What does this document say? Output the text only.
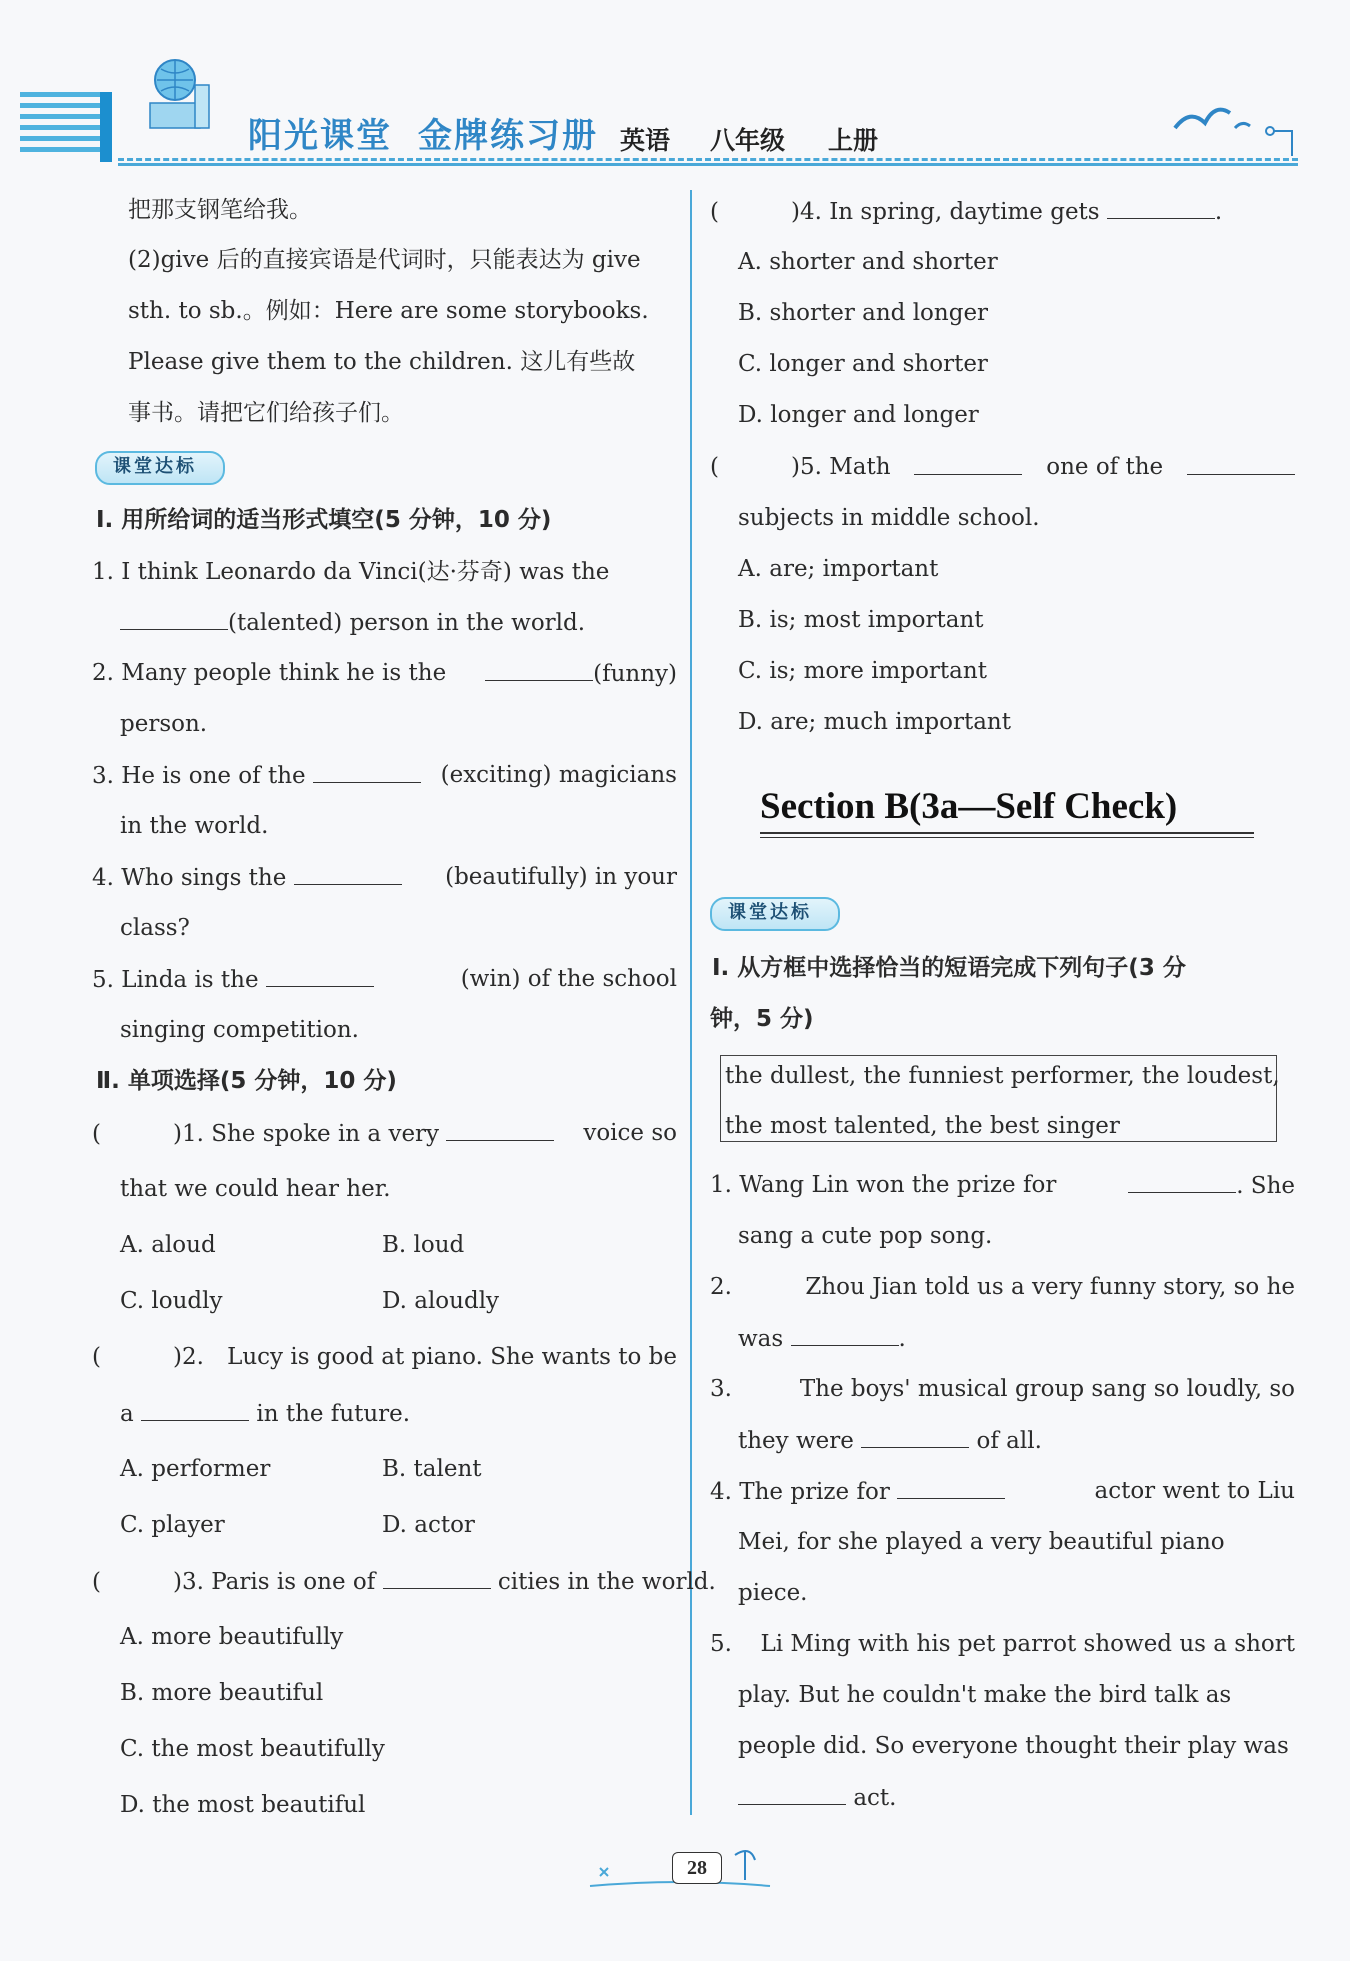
阳光课堂 金牌练习册 英语 八年级 上册
把那支钢笔给我。
(2)give 后的直接宾语是代词时，只能表达为 give
sth. to sb.。例如：Here are some storybooks.
Please give them to the children. 这儿有些故
事书。请把它们给孩子们。
课堂达标
Ⅰ. 用所给词的适当形式填空(5 分钟，10 分)
1. I think Leonardo da Vinci(达·芬奇) was the
(talented) person in the world.
2. Many people think he is the	(funny)
person.
3. He is one of the	(exciting) magicians
in the world.
4. Who sings the	(beautifully) in your
class?
5. Linda is the	(win) of the school
singing competition.
Ⅱ. 单项选择(5 分钟，10 分)
(	)1. She spoke in a very	voice so
that we could hear her.
A. aloud	B. loud
C. loudly	D. aloudly
(	)2. Lucy is good at piano. She wants to be
a	in the future.
A. performer	B. talent
C. player	D. actor
(	)3. Paris is one of	cities in the world.
A. more beautifully
B. more beautiful
C. the most beautifully
D. the most beautiful
(	)4. In spring, daytime gets	.
A. shorter and shorter
B. shorter and longer
C. longer and shorter
D. longer and longer
(	)5. Math	one of the
subjects in middle school.
A. are; important
B. is; most important
C. is; more important
D. are; much important
Section B(3a—Self Check)
课堂达标
Ⅰ. 从方框中选择恰当的短语完成下列句子(3 分
钟，5 分)
the dullest, the funniest performer, the loudest,
the most talented, the best singer
1. Wang Lin won the prize for	. She
sang a cute pop song.
2.	Zhou Jian told us a very funny story, so he
was	.
3.	The boys' musical group sang so loudly, so
they were	of all.
4. The prize for	actor went to Liu
Mei, for she played a very beautiful piano
piece.
5. Li Ming with his pet parrot showed us a short
play. But he couldn't make the bird talk as
people did. So everyone thought their play was
act.
28
